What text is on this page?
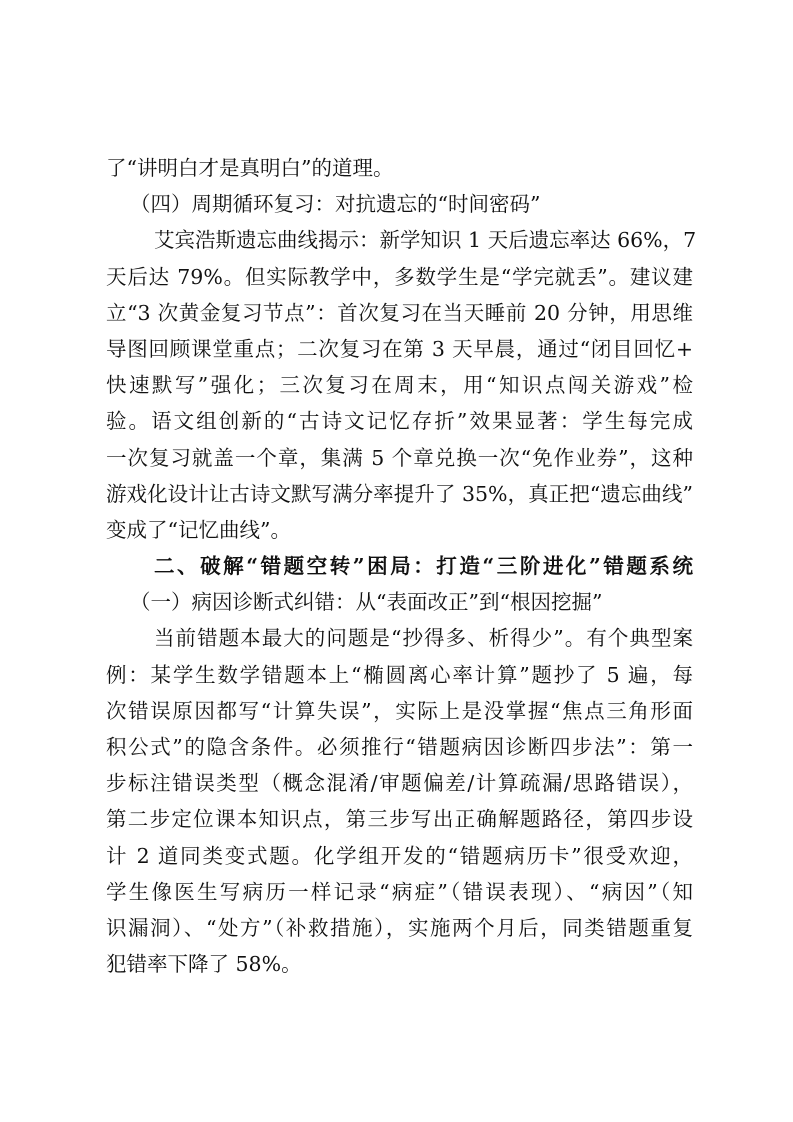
了“讲明白才是真明白”的道理。
（四）周期循环复习：对抗遗忘的“时间密码”
艾宾浩斯遗忘曲线揭示：新学知识 1 天后遗忘率达 66%，7
天后达 79%。但实际教学中，多数学生是“学完就丢”。建议建
立“3 次黄金复习节点”：首次复习在当天睡前 20 分钟，用思维
导图回顾课堂重点；二次复习在第 3 天早晨，通过“闭目回忆+
快速默写”强化；三次复习在周末，用“知识点闯关游戏”检
验。语文组创新的“古诗文记忆存折”效果显著：学生每完成
一次复习就盖一个章，集满 5 个章兑换一次“免作业券”，这种
游戏化设计让古诗文默写满分率提升了 35%，真正把“遗忘曲线”
变成了“记忆曲线”。
二、破解“错题空转”困局：打造“三阶进化”错题系统
（一）病因诊断式纠错：从“表面改正”到“根因挖掘”
当前错题本最大的问题是“抄得多、析得少”。有个典型案
例：某学生数学错题本上“椭圆离心率计算”题抄了 5 遍，每
次错误原因都写“计算失误”，实际上是没掌握“焦点三角形面
积公式”的隐含条件。必须推行“错题病因诊断四步法”：第一
步标注错误类型（概念混淆/审题偏差/计算疏漏/思路错误），
第二步定位课本知识点，第三步写出正确解题路径，第四步设
计 2 道同类变式题。化学组开发的“错题病历卡”很受欢迎，
学生像医生写病历一样记录“病症”（错误表现）、“病因”（知
识漏洞）、“处方”（补救措施），实施两个月后，同类错题重复
犯错率下降了 58%。
